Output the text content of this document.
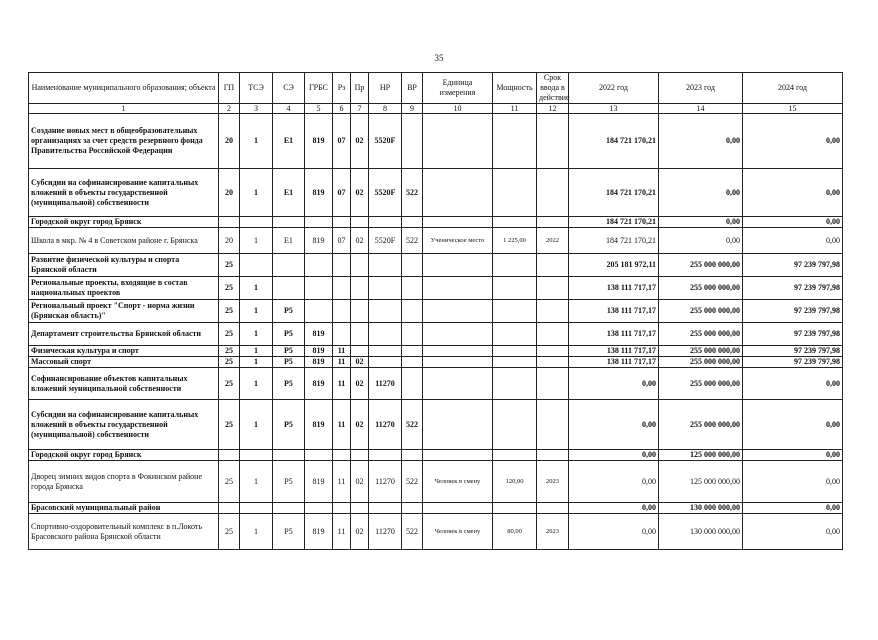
35
Наименование муниципального образования; объекта	ГП	ТСЭ	СЭ	ГРБС	Рз	Пр	НР	ВР	Единица измерения	Мощность	Срок ввода в действие	2022 год	2023 год	2024 год
1	2	3	4	5	6	7	8	9	10	11	12	13	14	15
Создание новых мест в общеобразовательных организациях за счет средств резервного фонда Правительства Российской Федерации	20	1	Е1	819	07	02	5520F					184 721 170,21	0,00	0,00
Субсидии на софинансирование капитальных вложений в объекты государственной (муниципальной) собственности	20	1	Е1	819	07	02	5520F	522				184 721 170,21	0,00	0,00
Городской округ город Брянск												184 721 170,21	0,00	0,00
Школа в мкр. № 4 в Советском районе г. Брянска	20	1	Е1	819	07	02	5520F	522	Ученическое место	1 225,00	2022	184 721 170,21	0,00	0,00
Развитие физической культуры и спорта Брянской области	25											205 181 972,11	255 000 000,00	97 239 797,98
Региональные проекты, входящие в состав национальных проектов	25	1										138 111 717,17	255 000 000,00	97 239 797,98
Региональный проект "Спорт - норма жизни (Брянская область)"	25	1	Р5									138 111 717,17	255 000 000,00	97 239 797,98
Департамент строительства Брянской области	25	1	Р5	819								138 111 717,17	255 000 000,00	97 239 797,98
Физическая культура и спорт	25	1	Р5	819	11							138 111 717,17	255 000 000,00	97 239 797,98
Массовый спорт	25	1	Р5	819	11	02						138 111 717,17	255 000 000,00	97 239 797,98
Софинансирование объектов капитальных вложений муниципальной собственности	25	1	Р5	819	11	02	11270					0,00	255 000 000,00	0,00
Субсидии на софинансирование капитальных вложений в объекты государственной (муниципальной) собственности	25	1	Р5	819	11	02	11270	522				0,00	255 000 000,00	0,00
Городской округ город Брянск												0,00	125 000 000,00	0,00
Дворец зимних видов спорта в Фокинском районе города Брянска	25	1	Р5	819	11	02	11270	522	Человек в смену	120,00	2023	0,00	125 000 000,00	0,00
Брасовский муниципальный район												0,00	130 000 000,00	0,00
Спортивно-оздоровительный комплекс в п.Локоть Брасовского района Брянской области	25	1	Р5	819	11	02	11270	522	Человек в смену	80,00	2023	0,00	130 000 000,00	0,00
